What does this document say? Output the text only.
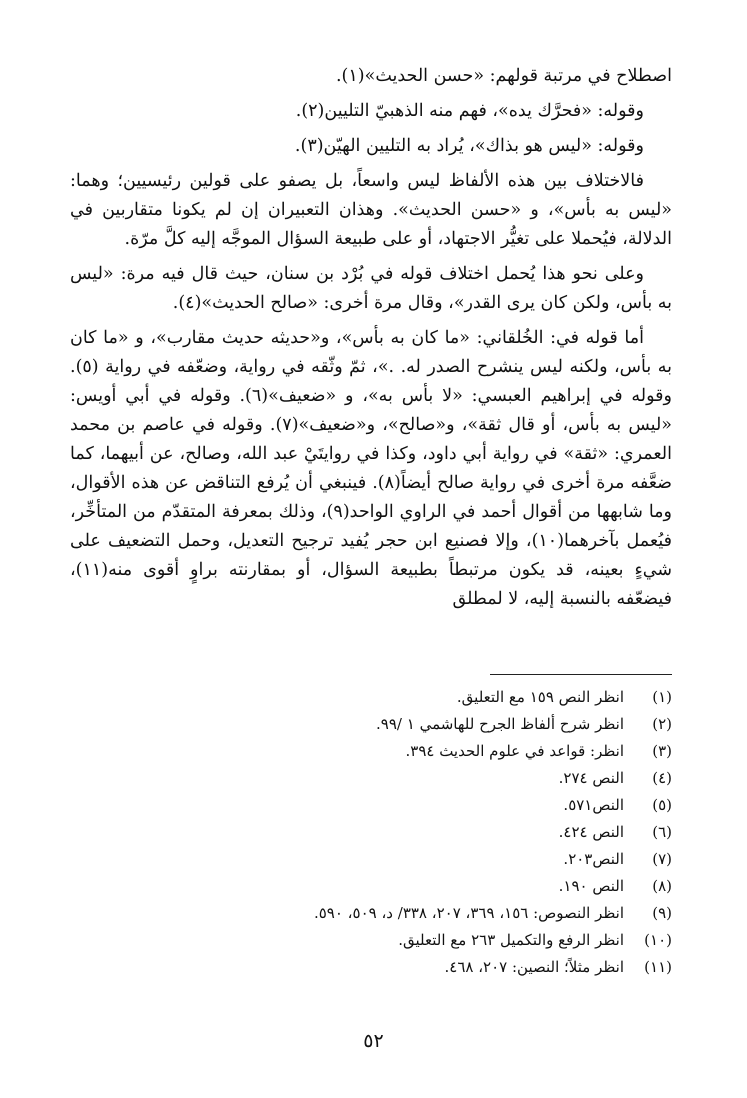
اصطلاح في مرتبة قولهم: «حسن الحديث»(١).

وقوله: «فحرَّك يده»، فهم منه الذهبيّ التليين(٢).

وقوله: «ليس هو بذاك»، يُراد به التليين الهيّن(٣).

فالاختلاف بين هذه الألفاظ ليس واسعاً، بل يصفو على قولين رئيسيين؛ وهما: «ليس به بأس»، و «حسن الحديث». وهذان التعبيران إن لم يكونا متقاربين في الدلالة، فيُحملا على تغيُّر الاجتهاد، أو على طبيعة السؤال الموجَّه إليه كلَّ مرّة.

وعلى نحو هذا يُحمل اختلاف قوله في بُرْد بن سنان، حيث قال فيه مرة: «ليس به بأس، ولكن كان يرى القدر»، وقال مرة أخرى: «صالح الحديث»(٤).

أما قوله في: الخُلقاني: «ما كان به بأس»، و«حديثه حديث مقارب»، و «ما كان به بأس، ولكنه ليس ينشرح الصدر له. .»، ثمّ وثّقه في رواية، وضعّفه في رواية (٥). وقوله في إبراهيم العبسي: «لا بأس به»، و «ضعيف»(٦). وقوله في أبي أويس: «ليس به بأس، أو قال ثقة»، و«صالح»، و«ضعيف»(٧). وقوله في عاصم بن محمد العمري: «ثقة» في رواية أبي داود، وكذا في روايتَيْ عبد الله، وصالح، عن أبيهما، كما ضعَّفه مرة أخرى في رواية صالح أيضاً(٨). فينبغي أن يُرفع التناقض عن هذه الأقوال، وما شابهها من أقوال أحمد في الراوي الواحد(٩)، وذلك بمعرفة المتقدّم من المتأخِّر، فيُعمل بآخرهما(١٠)، وإلا فصنيع ابن حجر يُفيد ترجيح التعديل، وحمل التضعيف على شيءٍ بعينه، قد يكون مرتبطاً بطبيعة السؤال، أو بمقارنته براوٍ أقوى منه(١١)، فيضعّفه بالنسبة إليه، لا لمطلق

(١)
انظر النص ١٥٩ مع التعليق.
(٢)
انظر شرح ألفاظ الجرح للهاشمي ١ /٩٩.
(٣)
انظر: قواعد في علوم الحديث ٣٩٤.
(٤)
النص ٢٧٤.
(٥)
النص٥٧١.
(٦)
النص ٤٢٤.
(٧)
النص٢٠٣.
(٨)
النص ١٩٠.
(٩)
انظر النصوص: ١٥٦، ٣٦٩، ٢٠٧، ٣٣٨/ د، ٥٠٩، ٥٩٠.
(١٠)
انظر الرفع والتكميل ٢٦٣ مع التعليق.
(١١)
انظر مثلاً؛ النصين: ٢٠٧، ٤٦٨.
٥٢
